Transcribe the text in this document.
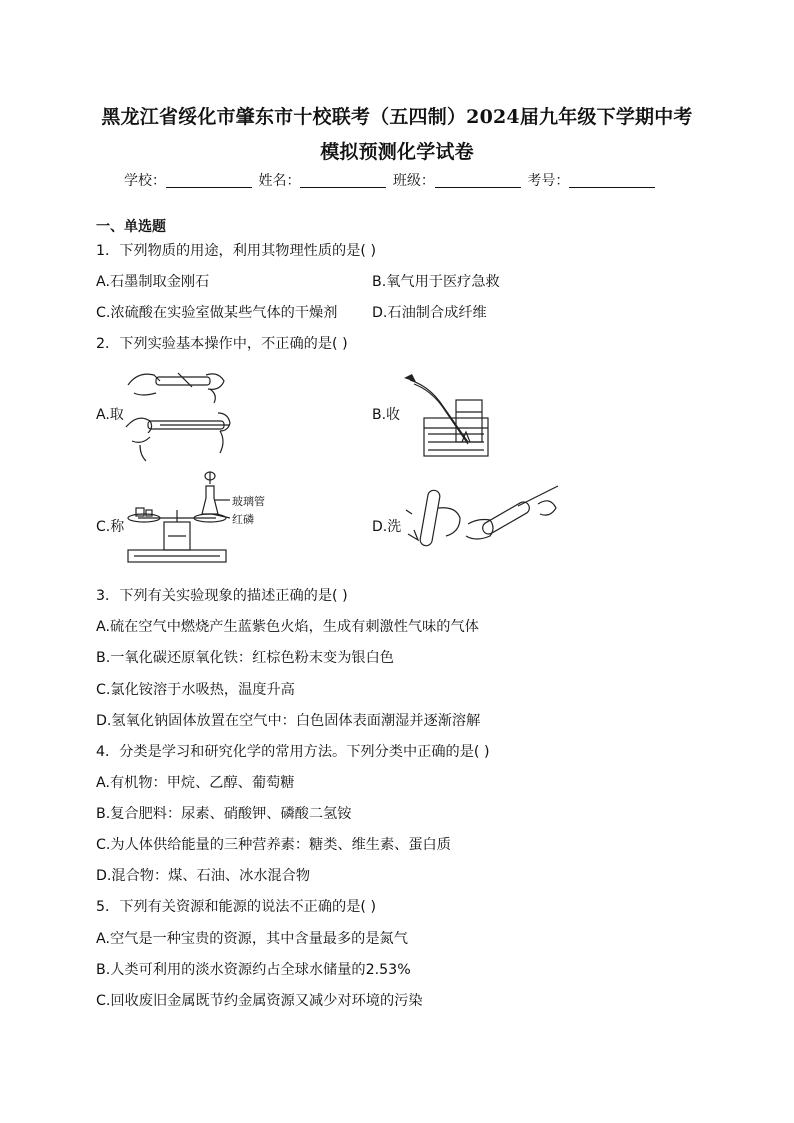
黑龙江省绥化市肇东市十校联考（五四制）2024届九年级下学期中考
模拟预测化学试卷
学校：	姓名：	班级：	考号：
一、单选题
1．下列物质的用途，利用其物理性质的是( )
A.石墨制取金刚石	B.氧气用于医疗急救
C.浓硫酸在实验室做某些气体的干燥剂 D.石油制合成纤维
2．下列实验基本操作中，不正确的是( )
A.取	B.收
C.称
玻璃管
红磷	D.洗
3．下列有关实验现象的描述正确的是( )
A.硫在空气中燃烧产生蓝紫色火焰，生成有刺激性气味的气体
B.一氧化碳还原氧化铁：红棕色粉末变为银白色
C.氯化铵溶于水吸热，温度升高
D.氢氧化钠固体放置在空气中：白色固体表面潮湿并逐渐溶解
4．分类是学习和研究化学的常用方法。下列分类中正确的是( )
A.有机物：甲烷、乙醇、葡萄糖
B.复合肥料：尿素、硝酸钾、磷酸二氢铵
C.为人体供给能量的三种营养素：糖类、维生素、蛋白质
D.混合物：煤、石油、冰水混合物
5．下列有关资源和能源的说法不正确的是( )
A.空气是一种宝贵的资源，其中含量最多的是氮气
B.人类可利用的淡水资源约占全球水储量的2.53%
C.回收废旧金属既节约金属资源又减少对环境的污染
